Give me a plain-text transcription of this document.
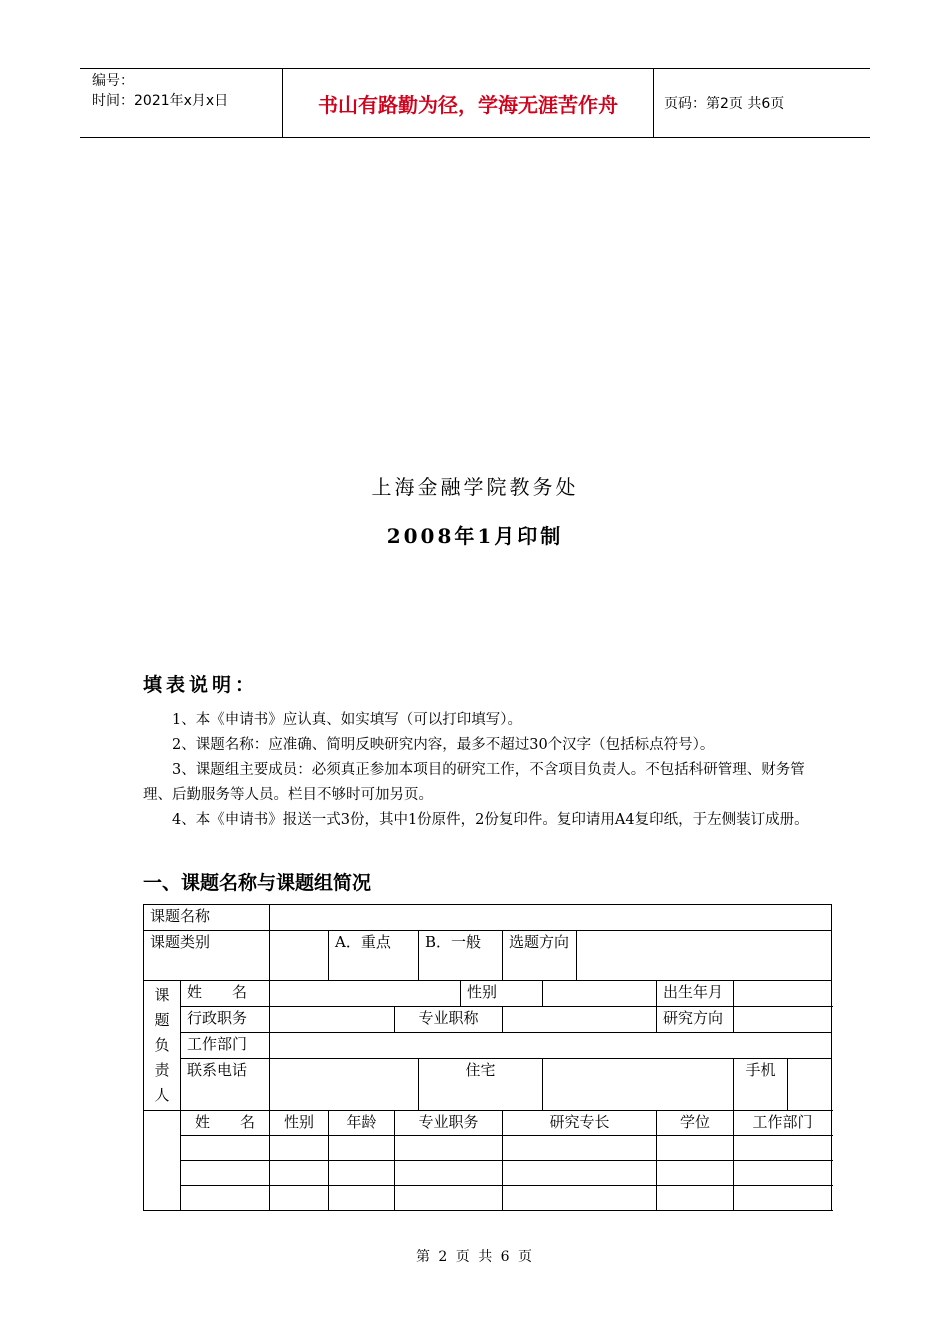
编号：
时间：2021年x月x日	书山有路勤为径，学海无涯苦作舟	页码：第2页 共6页
上海金融学院教务处
2008年1月印制
填表说明：

1、本《申请书》应认真、如实填写（可以打印填写）。

2、课题名称：应准确、简明反映研究内容，最多不超过30个汉字（包括标点符号）。

3、课题组主要成员：必须真正参加本项目的研究工作，不含项目负责人。不包括科研管理、财务管理、后勤服务等人员。栏目不够时可加另页。

4、本《申请书》报送一式3份，其中1份原件，2份复印件。复印请用A4复印纸，于左侧装订成册。

一、课题名称与课题组简况
课题名称												
课题类别			A．重点		B．一般		选题方向					

课题负责人	姓　　名					性别				出生年月		
	行政职务			专业职称						研究方向		
	工作部门											
	联系电话				住宅						手机	
	姓　　名	性别	年龄	专业职务			研究专长			学位	工作部门	

第 2 页 共 6 页
